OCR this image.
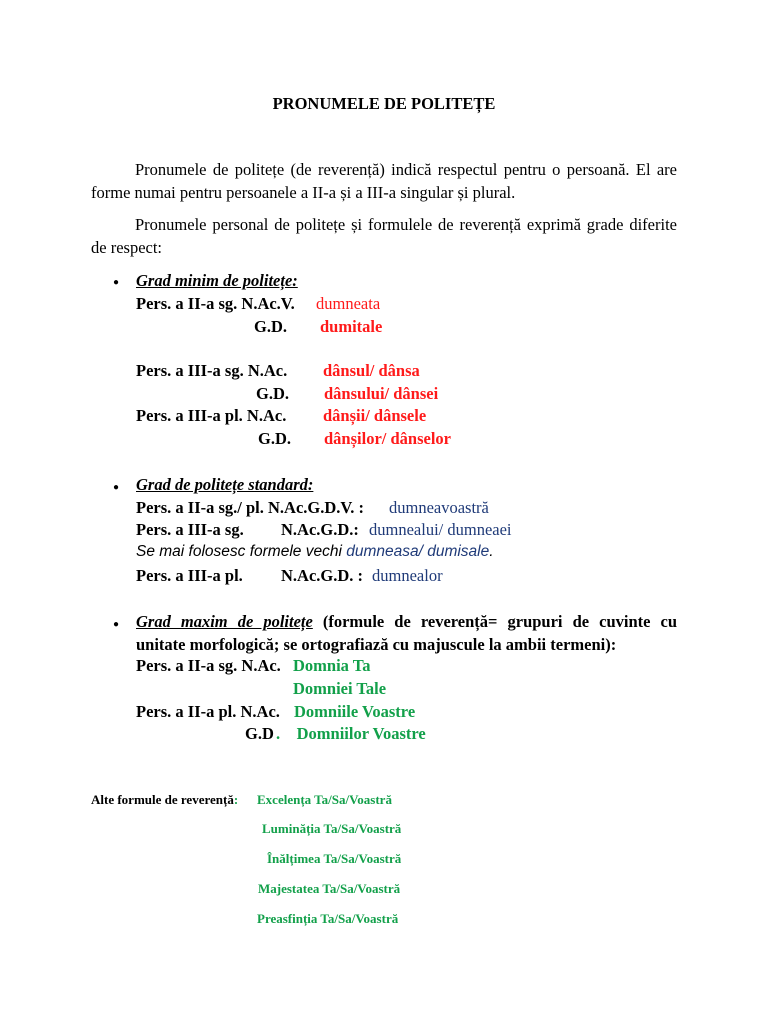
PRONUMELE DE POLITEȚE
Pronumele de politețe (de reverență) indică respectul pentru o persoană. El are forme numai pentru persoanele a II-a și a III-a singular și plural.
Pronumele personal de politețe și formulele de reverență exprimă grade diferite de respect:
● Grad minim de politețe:
Pers. a II-a sg. N.Ac.V. dumneata
G.D. dumitale
Pers. a III-a sg. N.Ac. dânsul/ dânsa
G.D. dânsului/ dânsei
Pers. a III-a pl. N.Ac. dânșii/ dânsele
G.D. dânșilor/ dânselor
● Grad de politețe standard:
Pers. a II-a sg./ pl. N.Ac.G.D.V. : dumneavoastră
Pers. a III-a sg. N.Ac.G.D.: dumnealui/ dumneaei
Se mai folosesc formele vechi dumneasa/ dumisale.
Pers. a III-a pl. N.Ac.G.D. : dumnealor
● Grad maxim de politețe (formule de reverență= grupuri de cuvinte cu
unitate morfologică; se ortografiază cu majuscule la ambii termeni):
Pers. a II-a sg. N.Ac. Domnia Ta
Domniei Tale
Pers. a II-a pl. N.Ac. Domniile Voastre
G.D .    Domniilor Voastre
Alte formule de reverență: Excelența Ta/Sa/Voastră
Luminăția Ta/Sa/Voastră
Înălțimea Ta/Sa/Voastră
Majestatea Ta/Sa/Voastră
Preasfinția Ta/Sa/Voastră
